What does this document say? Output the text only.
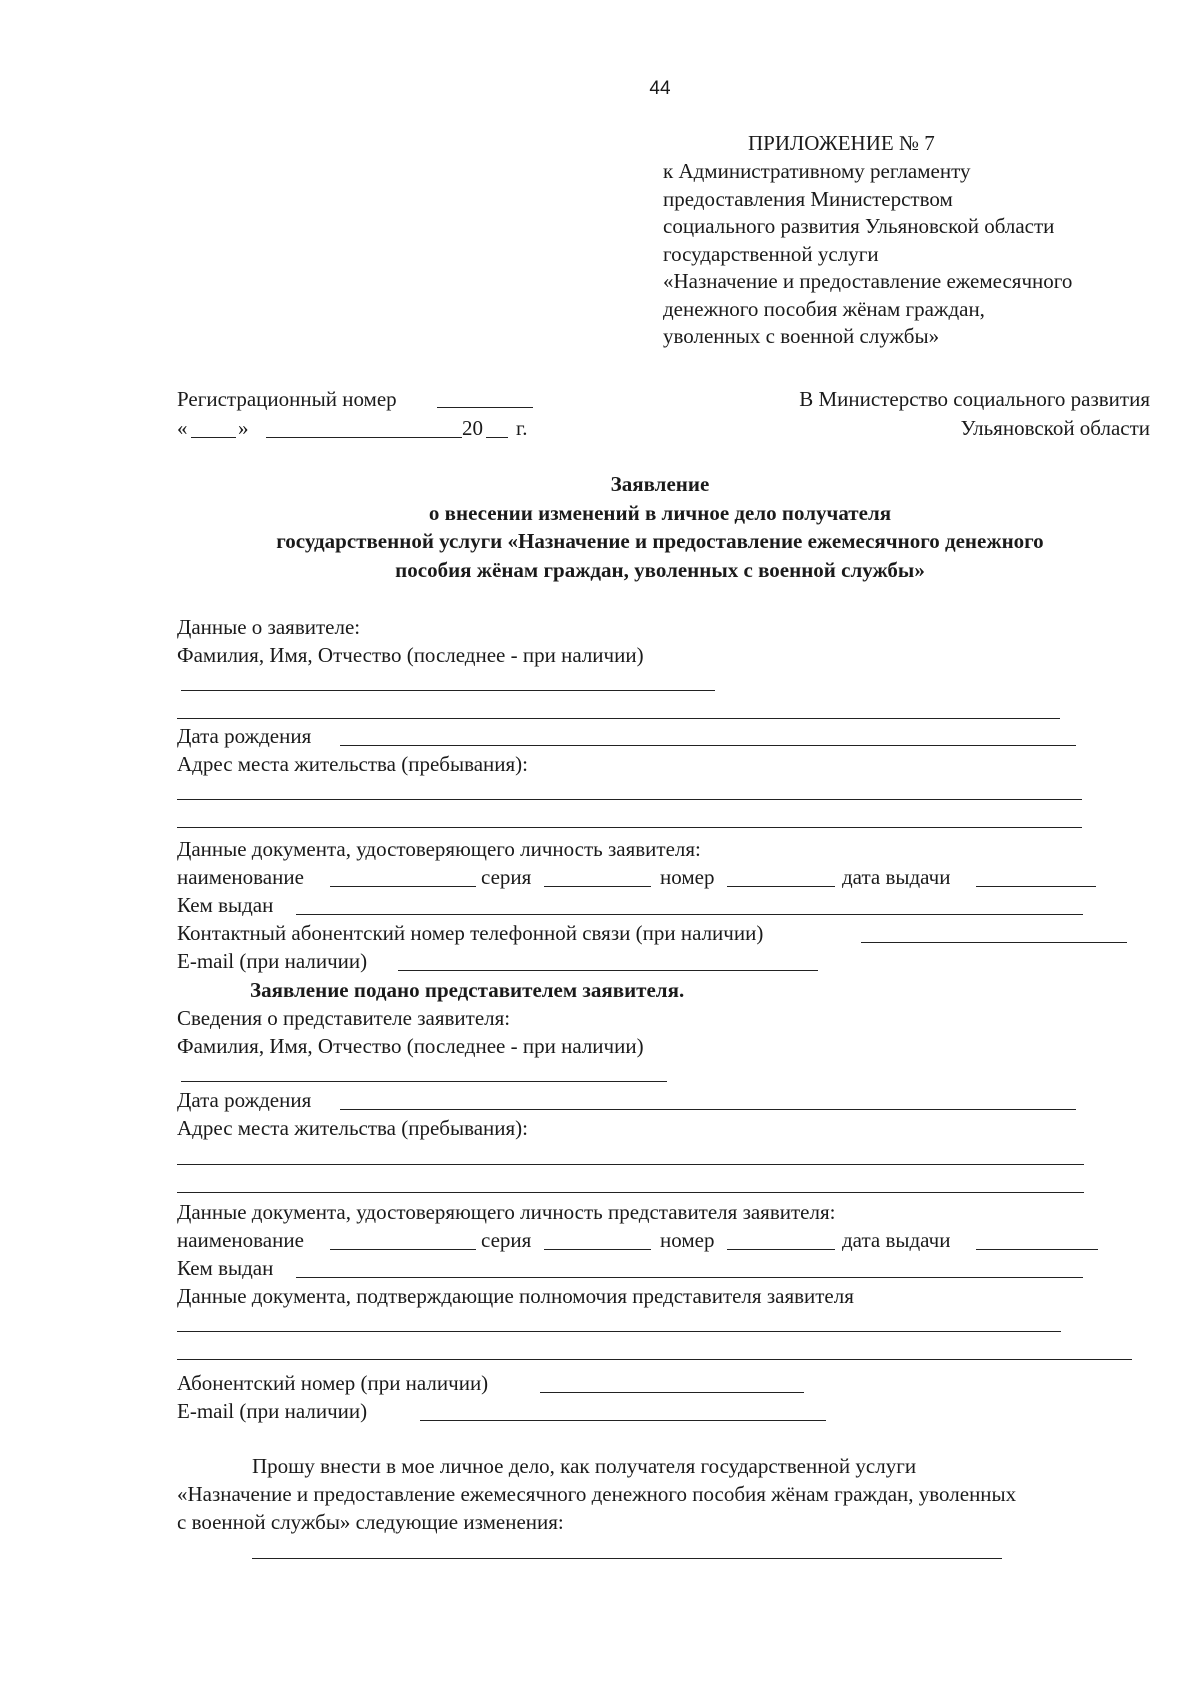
44
ПРИЛОЖЕНИЕ № 7
к Административному регламенту
предоставления Министерством
социального развития Ульяновской области
государственной услуги
«Назначение и предоставление ежемесячного
денежного пособия жёнам граждан,
уволенных с военной службы»
Регистрационный номер
« »	20 г.
В Министерство социального развития
Ульяновской области
Заявление
о внесении изменений в личное дело получателя
государственной услуги «Назначение и предоставление ежемесячного денежного
пособия жёнам граждан, уволенных с военной службы»
Данные о заявителе:
Фамилия, Имя, Отчество (последнее - при наличии)
Дата рождения
Адрес места жительства (пребывания):
Данные документа, удостоверяющего личность заявителя:
наименование	серия	номер	дата выдачи
Кем выдан
Контактный абонентский номер телефонной связи (при наличии)
E-mail (при наличии)
Заявление подано представителем заявителя.
Сведения о представителе заявителя:
Фамилия, Имя, Отчество (последнее - при наличии)
Дата рождения
Адрес места жительства (пребывания):
Данные документа, удостоверяющего личность представителя заявителя:
наименование	серия	номер	дата выдачи
Кем выдан
Данные документа, подтверждающие полномочия представителя заявителя
Абонентский номер (при наличии)
E-mail (при наличии)
Прошу внести в мое личное дело, как получателя государственной услуги
«Назначение и предоставление ежемесячного денежного пособия жёнам граждан, уволенных
с военной службы» следующие изменения:
